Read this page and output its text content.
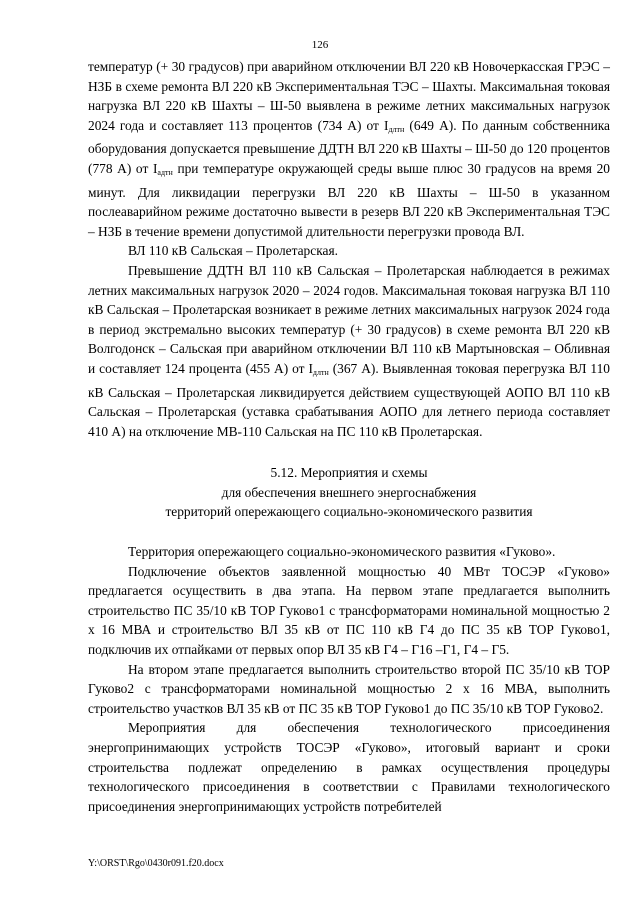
126

температур (+ 30 градусов) при аварийном отключении ВЛ 220 кВ Новочеркасская ГРЭС – НЗБ в схеме ремонта ВЛ 220 кВ Экспериментальная ТЭС – Шахты. Максимальная токовая нагрузка ВЛ 220 кВ Шахты – Ш-50 выявлена в режиме летних максимальных нагрузок 2024 года и составляет 113 процентов (734 А) от $I_{длтн}$ (649 А). По данным собственника оборудования допускается превышение ДДТН ВЛ 220 кВ Шахты – Ш-50 до 120 процентов (778 А) от $I_{адтн}$ при температуре окружающей среды выше плюс 30 градусов на время 20 минут. Для ликвидации перегрузки ВЛ 220 кВ Шахты – Ш-50 в указанном послеаварийном режиме достаточно вывести в резерв ВЛ 220 кВ Экспериментальная ТЭС – НЗБ в течение времени допустимой длительности перегрузки провода ВЛ.

ВЛ 110 кВ Сальская – Пролетарская.

Превышение ДДТН ВЛ 110 кВ Сальская – Пролетарская наблюдается в режимах летних максимальных нагрузок 2020 – 2024 годов. Максимальная токовая нагрузка ВЛ 110 кВ Сальская – Пролетарская возникает в режиме летних максимальных нагрузок 2024 года в период экстремально высоких температур (+ 30 градусов) в схеме ремонта ВЛ 220 кВ Волгодонск – Сальская при аварийном отключении ВЛ 110 кВ Мартыновская – Обливная и составляет 124 процента (455 А) от $I_{длтн}$ (367 А). Выявленная токовая перегрузка ВЛ 110 кВ Сальская – Пролетарская ликвидируется действием существующей АОПО ВЛ 110 кВ Сальская – Пролетарская (уставка срабатывания АОПО для летнего периода составляет 410 А) на отключение МВ-110 Сальская на ПС 110 кВ Пролетарская.

5.12. Мероприятия и схемы
для обеспечения внешнего энергоснабжения
территорий опережающего социально-экономического развития

Территория опережающего социально-экономического развития «Гуково».

Подключение объектов заявленной мощностью 40 МВт ТОСЭР «Гуково» предлагается осуществить в два этапа. На первом этапе предлагается выполнить строительство ПС 35/10 кВ ТОР Гуково1 с трансформаторами номинальной мощностью 2 х 16 МВА и строительство ВЛ 35 кВ от ПС 110 кВ Г4 до ПС 35 кВ ТОР Гуково1, подключив их отпайками от первых опор ВЛ 35 кВ Г4 – Г16 –Г1, Г4 – Г5.

На втором этапе предлагается выполнить строительство второй ПС 35/10 кВ ТОР Гуково2 с трансформаторами номинальной мощностью 2 х 16 МВА, выполнить строительство участков ВЛ 35 кВ от ПС 35 кВ ТОР Гуково1 до ПС 35/10 кВ ТОР Гуково2.

Мероприятия для обеспечения технологического присоединения энергопринимающих устройств ТОСЭР «Гуково», итоговый вариант и сроки строительства подлежат определению в рамках осуществления процедуры технологического присоединения в соответствии с Правилами технологического присоединения энергопринимающих устройств потребителей

Y:\ORST\Rgo\0430r091.f20.docx
